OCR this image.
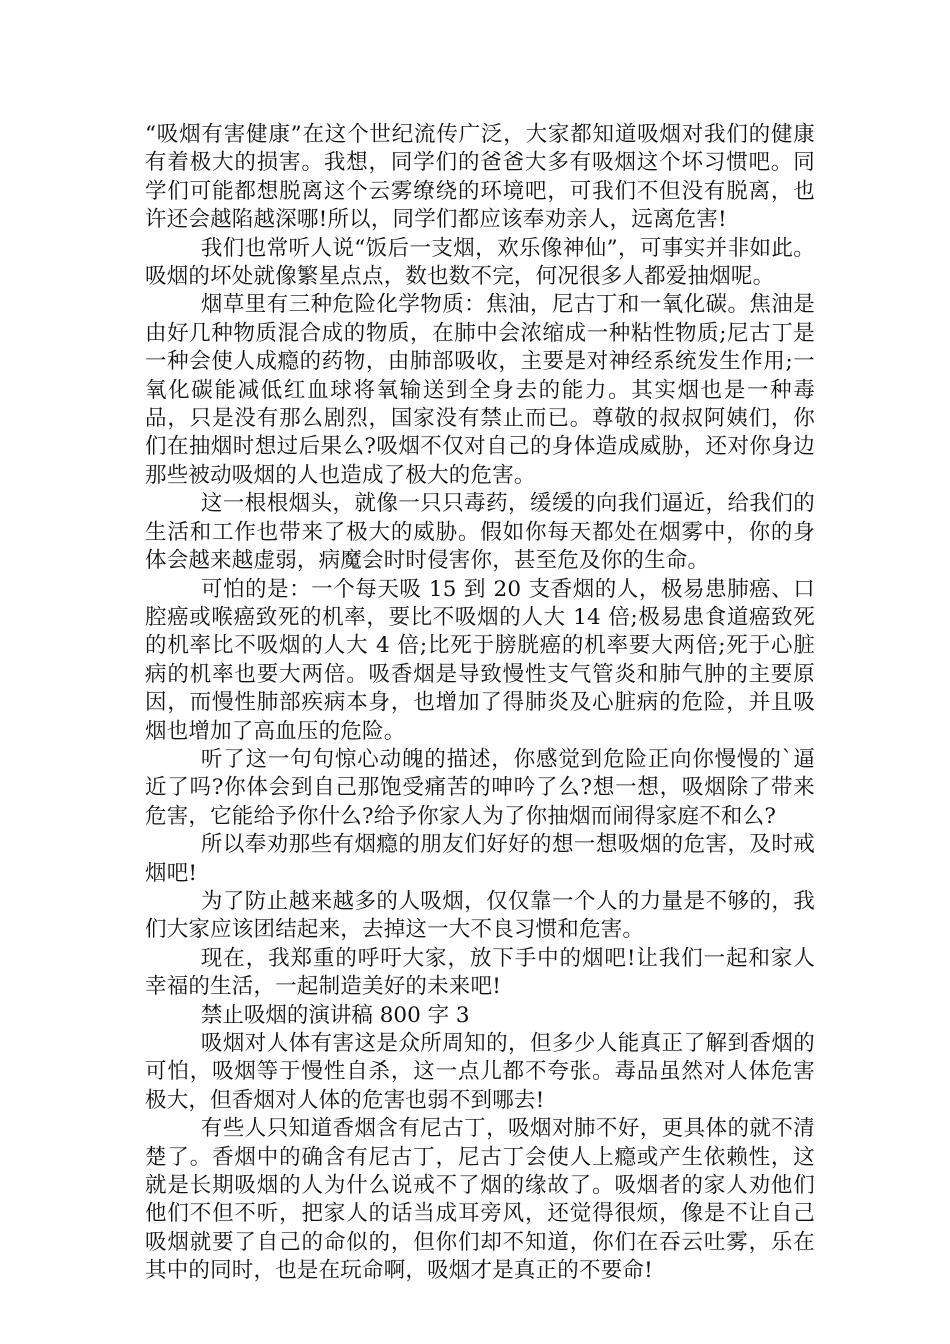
“吸烟有害健康”在这个世纪流传广泛，大家都知道吸烟对我们的健康有着极大的损害。我想，同学们的爸爸大多有吸烟这个坏习惯吧。同学们可能都想脱离这个云雾缭绕的环境吧，可我们不但没有脱离，也许还会越陷越深哪!所以，同学们都应该奉劝亲人，远离危害!

我们也常听人说“饭后一支烟，欢乐像神仙”，可事实并非如此。吸烟的坏处就像繁星点点，数也数不完，何况很多人都爱抽烟呢。

烟草里有三种危险化学物质：焦油，尼古丁和一氧化碳。焦油是由好几种物质混合成的物质，在肺中会浓缩成一种粘性物质;尼古丁是一种会使人成瘾的药物，由肺部吸收，主要是对神经系统发生作用;一氧化碳能减低红血球将氧输送到全身去的能力。其实烟也是一种毒品，只是没有那么剧烈，国家没有禁止而已。尊敬的叔叔阿姨们，你们在抽烟时想过后果么?吸烟不仅对自己的身体造成威胁，还对你身边那些被动吸烟的人也造成了极大的危害。

这一根根烟头，就像一只只毒药，缓缓的向我们逼近，给我们的生活和工作也带来了极大的威胁。假如你每天都处在烟雾中，你的身体会越来越虚弱，病魔会时时侵害你，甚至危及你的生命。

可怕的是：一个每天吸 15 到 20 支香烟的人，极易患肺癌、口腔癌或喉癌致死的机率，要比不吸烟的人大 14 倍;极易患食道癌致死的机率比不吸烟的人大 4 倍;比死于膀胱癌的机率要大两倍;死于心脏病的机率也要大两倍。吸香烟是导致慢性支气管炎和肺气肿的主要原因，而慢性肺部疾病本身，也增加了得肺炎及心脏病的危险，并且吸烟也增加了高血压的危险。

听了这一句句惊心动魄的描述，你感觉到危险正向你慢慢的`逼近了吗?你体会到自己那饱受痛苦的呻吟了么?想一想，吸烟除了带来危害，它能给予你什么?给予你家人为了你抽烟而闹得家庭不和么?

所以奉劝那些有烟瘾的朋友们好好的想一想吸烟的危害，及时戒烟吧!

为了防止越来越多的人吸烟，仅仅靠一个人的力量是不够的，我们大家应该团结起来，去掉这一大不良习惯和危害。

现在，我郑重的呼吁大家，放下手中的烟吧!让我们一起和家人幸福的生活，一起制造美好的未来吧!

禁止吸烟的演讲稿 800 字 3

吸烟对人体有害这是众所周知的，但多少人能真正了解到香烟的可怕，吸烟等于慢性自杀，这一点儿都不夸张。毒品虽然对人体危害极大，但香烟对人体的危害也弱不到哪去!

有些人只知道香烟含有尼古丁，吸烟对肺不好，更具体的就不清楚了。香烟中的确含有尼古丁，尼古丁会使人上瘾或产生依赖性，这就是长期吸烟的人为什么说戒不了烟的缘故了。吸烟者的家人劝他们他们不但不听，把家人的话当成耳旁风，还觉得很烦，像是不让自己吸烟就要了自己的命似的，但你们却不知道，你们在吞云吐雾，乐在其中的同时，也是在玩命啊，吸烟才是真正的不要命!
